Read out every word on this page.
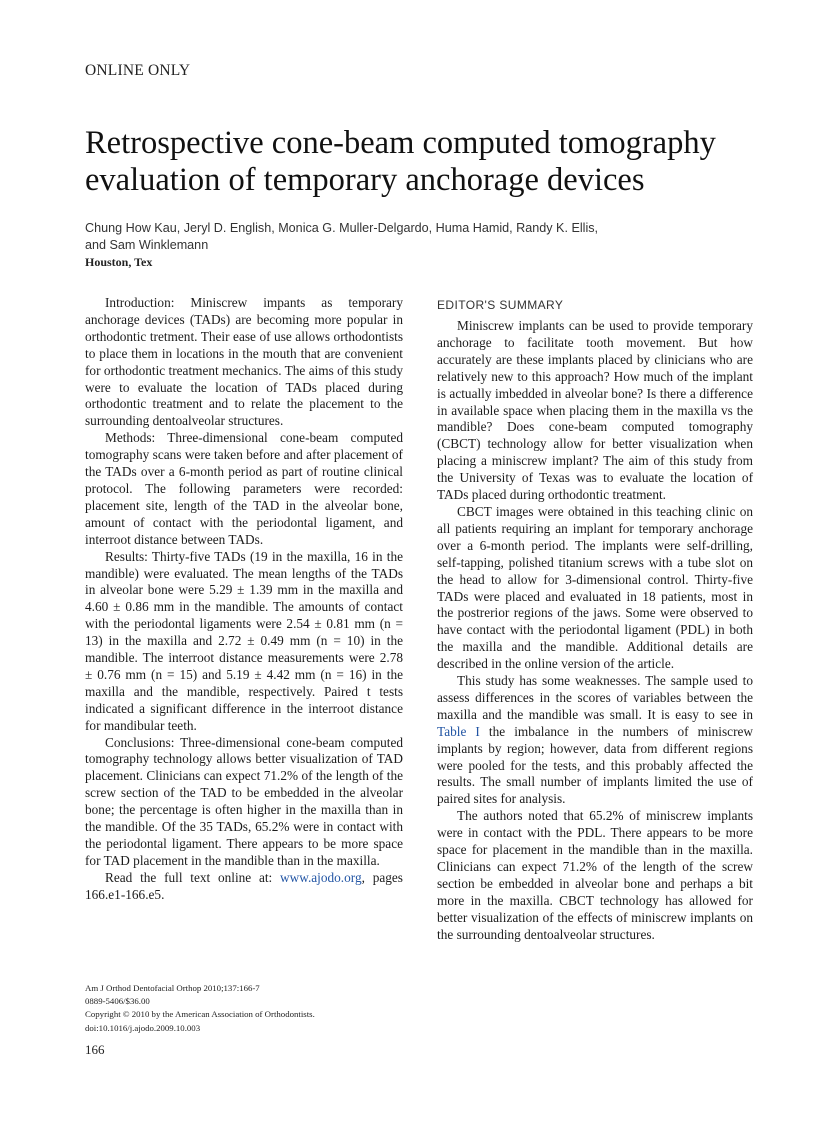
ONLINE ONLY
Retrospective cone-beam computed tomography evaluation of temporary anchorage devices
Chung How Kau, Jeryl D. English, Monica G. Muller-Delgardo, Huma Hamid, Randy K. Ellis,
and Sam Winklemann
Houston, Tex

Introduction: Miniscrew impants as temporary anchorage devices (TADs) are becoming more popular in orthodontic tretment. Their ease of use allows orthodontists to place them in locations in the mouth that are convenient for orthodontic treatment mechanics. The aims of this study were to evaluate the location of TADs placed during orthodontic treatment and to relate the placement to the surrounding dentoalveolar structures.

Methods: Three-dimensional cone-beam computed tomography scans were taken before and after placement of the TADs over a 6-month period as part of routine clinical protocol. The following parameters were recorded: placement site, length of the TAD in the alveolar bone, amount of contact with the periodontal ligament, and interroot distance between TADs.

Results: Thirty-five TADs (19 in the maxilla, 16 in the mandible) were evaluated. The mean lengths of the TADs in alveolar bone were 5.29 ± 1.39 mm in the maxilla and 4.60 ± 0.86 mm in the mandible. The amounts of contact with the periodontal ligaments were 2.54 ± 0.81 mm (n = 13) in the maxilla and 2.72 ± 0.49 mm (n = 10) in the mandible. The interroot distance measurements were 2.78 ± 0.76 mm (n = 15) and 5.19 ± 4.42 mm (n = 16) in the maxilla and the mandible, respectively. Paired t tests indicated a significant difference in the interroot distance for mandibular teeth.

Conclusions: Three-dimensional cone-beam computed tomography technology allows better visualization of TAD placement. Clinicians can expect 71.2% of the length of the screw section of the TAD to be embedded in the alveolar bone; the percentage is often higher in the maxilla than in the mandible. Of the 35 TADs, 65.2% were in contact with the periodontal ligament. There appears to be more space for TAD placement in the mandible than in the maxilla.

Read the full text online at: www.ajodo.org, pages 166.e1-166.e5.

EDITOR'S SUMMARY

Miniscrew implants can be used to provide temporary anchorage to facilitate tooth movement. But how accurately are these implants placed by clinicians who are relatively new to this approach? How much of the implant is actually imbedded in alveolar bone? Is there a difference in available space when placing them in the maxilla vs the mandible? Does cone-beam computed tomography (CBCT) technology allow for better visualization when placing a miniscrew implant? The aim of this study from the University of Texas was to evaluate the location of TADs placed during orthodontic treatment.

CBCT images were obtained in this teaching clinic on all patients requiring an implant for temporary anchorage over a 6-month period. The implants were self-drilling, self-tapping, polished titanium screws with a tube slot on the head to allow for 3-dimensional control. Thirty-five TADs were placed and evaluated in 18 patients, most in the postrerior regions of the jaws. Some were observed to have contact with the periodontal ligament (PDL) in both the maxilla and the mandible. Additional details are described in the online version of the article.

This study has some weaknesses. The sample used to assess differences in the scores of variables between the maxilla and the mandible was small. It is easy to see in Table I the imbalance in the numbers of miniscrew implants by region; however, data from different regions were pooled for the tests, and this probably affected the results. The small number of implants limited the use of paired sites for analysis.

The authors noted that 65.2% of miniscrew implants were in contact with the PDL. There appears to be more space for placement in the mandible than in the maxilla. Clinicians can expect 71.2% of the length of the screw section be embedded in alveolar bone and perhaps a bit more in the maxilla. CBCT technology has allowed for better visualization of the effects of miniscrew implants on the surrounding dentoalveolar structures.

Am J Orthod Dentofacial Orthop 2010;137:166-7
0889-5406/$36.00
Copyright © 2010 by the American Association of Orthodontists.
doi:10.1016/j.ajodo.2009.10.003
166
